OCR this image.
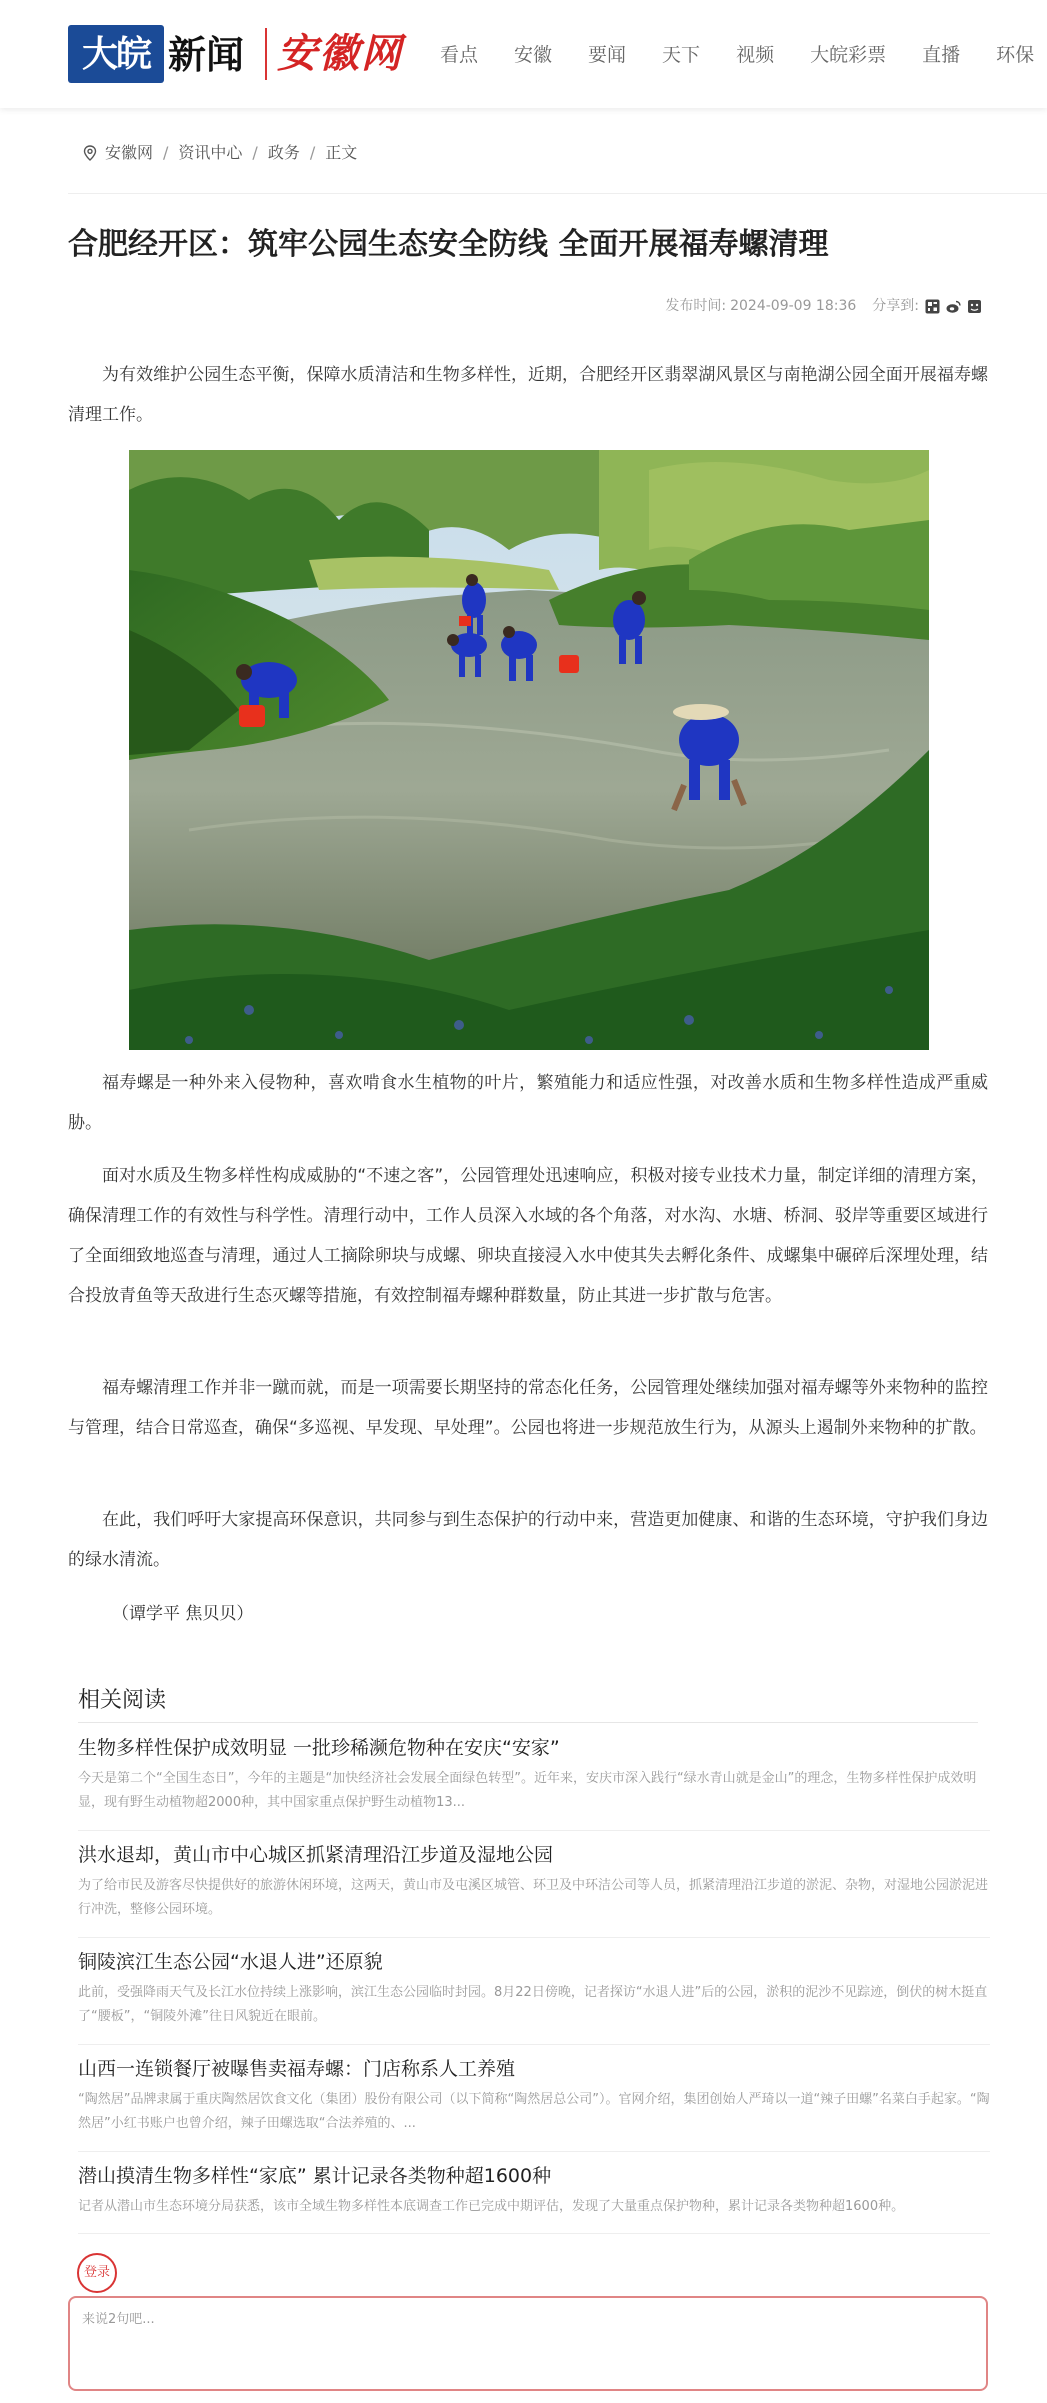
大皖 新闻 安徽网 看点 安徽 要闻 天下 视频 大皖彩票 直播 环保
安徽网 / 资讯中心 / 政务 / 正文
合肥经开区：筑牢公园生态安全防线 全面开展福寿螺清理
发布时间: 2024-09-09 18:36 分享到:

为有效维护公园生态平衡，保障水质清洁和生物多样性，近期，合肥经开区翡翠湖风景区与南艳湖公园全面开展福寿螺清理工作。

福寿螺是一种外来入侵物种，喜欢啃食水生植物的叶片，繁殖能力和适应性强，对改善水质和生物多样性造成严重威胁。

面对水质及生物多样性构成威胁的“不速之客”，公园管理处迅速响应，积极对接专业技术力量，制定详细的清理方案，确保清理工作的有效性与科学性。清理行动中，工作人员深入水域的各个角落，对水沟、水塘、桥洞、驳岸等重要区域进行了全面细致地巡查与清理，通过人工摘除卵块与成螺、卵块直接浸入水中使其失去孵化条件、成螺集中碾碎后深埋处理，结合投放青鱼等天敌进行生态灭螺等措施，有效控制福寿螺种群数量，防止其进一步扩散与危害。

福寿螺清理工作并非一蹴而就，而是一项需要长期坚持的常态化任务，公园管理处继续加强对福寿螺等外来物种的监控与管理，结合日常巡查，确保“多巡视、早发现、早处理”。公园也将进一步规范放生行为，从源头上遏制外来物种的扩散。

在此，我们呼吁大家提高环保意识，共同参与到生态保护的行动中来，营造更加健康、和谐的生态环境，守护我们身边的绿水清流。

（谭学平 焦贝贝）
相关阅读
生物多样性保护成效明显 一批珍稀濒危物种在安庆“安家”
今天是第二个“全国生态日”，今年的主题是“加快经济社会发展全面绿色转型”。近年来，安庆市深入践行“绿水青山就是金山”的理念，生物多样性保护成效明显，现有野生动植物超2000种，其中国家重点保护野生动植物13...
洪水退却，黄山市中心城区抓紧清理沿江步道及湿地公园
为了给市民及游客尽快提供好的旅游休闲环境，这两天，黄山市及屯溪区城管、环卫及中环洁公司等人员，抓紧清理沿江步道的淤泥、杂物，对湿地公园淤泥进行冲洗，整修公园环境。
铜陵滨江生态公园“水退人进”还原貌
此前，受强降雨天气及长江水位持续上涨影响，滨江生态公园临时封园。8月22日傍晚，记者探访“水退人进”后的公园，淤积的泥沙不见踪迹，倒伏的树木挺直了“腰板”，“铜陵外滩”往日风貌近在眼前。
山西一连锁餐厅被曝售卖福寿螺：门店称系人工养殖
“陶然居”品牌隶属于重庆陶然居饮食文化（集团）股份有限公司（以下简称“陶然居总公司”）。官网介绍，集团创始人严琦以一道“辣子田螺”名菜白手起家。“陶然居”小红书账户也曾介绍，辣子田螺选取“合法养殖的、...
潜山摸清生物多样性“家底” 累计记录各类物种超1600种
记者从潜山市生态环境分局获悉，该市全域生物多样性本底调查工作已完成中期评估，发现了大量重点保护物种，累计记录各类物种超1600种。
登录
来说2句吧...
